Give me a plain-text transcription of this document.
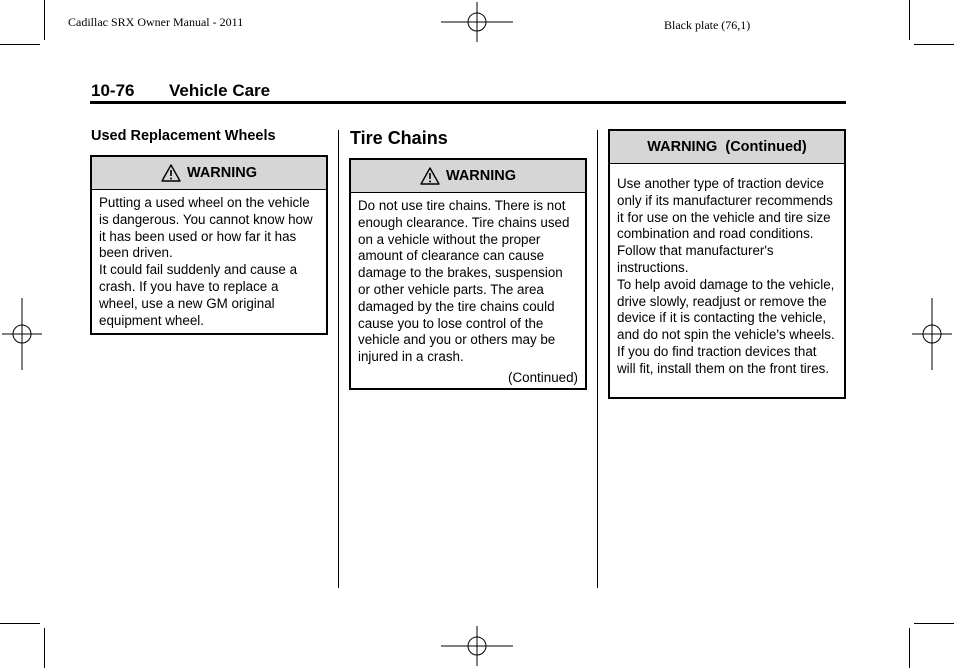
Cadillac SRX Owner Manual - 2011	Black plate (76,1)
10-76 Vehicle Care
Used Replacement Wheels
WARNING

Putting a used wheel on the vehicle is dangerous. You cannot know how it has been used or how far it has been driven.

It could fail suddenly and cause a crash. If you have to replace a wheel, use a new GM original equipment wheel.

Tire Chains
WARNING

Do not use tire chains. There is not enough clearance. Tire chains used on a vehicle without the proper amount of clearance can cause damage to the brakes, suspension or other vehicle parts. The area damaged by the tire chains could cause you to lose control of the vehicle and you or others may be injured in a crash.

(Continued)
WARNING  (Continued)

Use another type of traction device only if its manufacturer recommends it for use on the vehicle and tire size combination and road conditions. Follow that manufacturer's instructions.

To help avoid damage to the vehicle, drive slowly, readjust or remove the device if it is contacting the vehicle, and do not spin the vehicle's wheels. If you do find traction devices that will fit, install them on the front tires.
